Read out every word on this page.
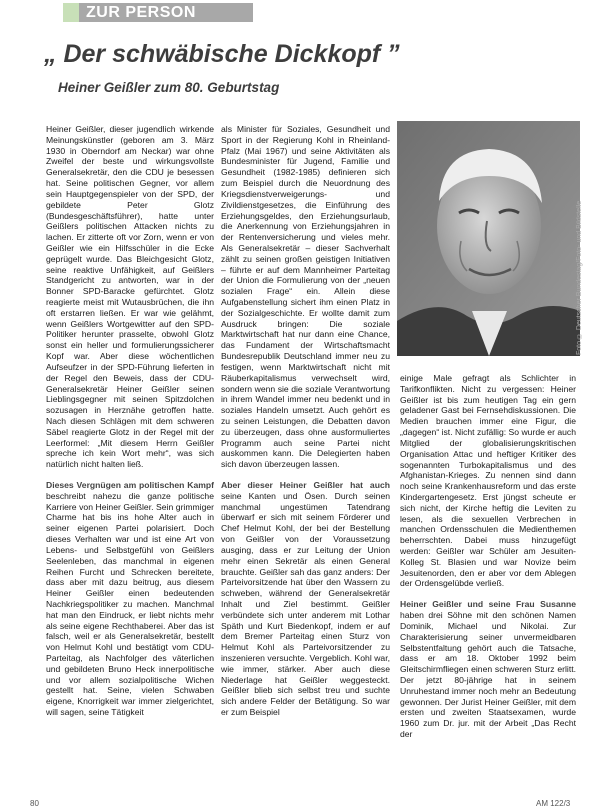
ZUR PERSON
„ Der schwäbische Dickkopf ”
Heiner Geißler zum 80. Geburtstag

Heiner Geißler, dieser jugendlich wirkende Meinungskünstler (geboren am 3. März 1930 in Oberndorf am Neckar) war ohne Zweifel der beste und wirkungsvollste Generalsekretär, den die CDU je besessen hat. Seine politischen Gegner, vor allem sein Hauptgegenspieler von der SPD, der gebildete Peter Glotz (Bundesgeschäftsführer), hatte unter Geißlers politischen Attacken nichts zu lachen. Er zitterte oft vor Zorn, wenn er von Geißler wie ein Hilfsschüler in die Ecke geprügelt wurde. Das Bleichgesicht Glotz, seine reaktive Unfähigkeit, auf Geißlers Standgericht zu antworten, war in der Bonner SPD-Baracke gefürchtet. Glotz reagierte meist mit Wutausbrüchen, die ihn oft erstarren ließen. Er war wie gelähmt, wenn Geißlers Wortgewitter auf den SPD-Politiker herunter prasselte, obwohl Glotz sonst ein heller und formulierungssicherer Kopf war. Aber diese wöchentlichen Aufseufzer in der SPD-Führung lieferten in der Regel den Beweis, dass der CDU-Generalsekretär Heiner Geißler seinen Lieblingsgegner mit seinen Spitzdolchen sozusagen in Herznähe getroffen hatte. Nach diesen Schlägen mit dem schweren Säbel reagierte Glotz in der Regel mit der Leerformel: „Mit diesem Herrn Geißler spreche ich kein Wort mehr“, was sich natürlich nicht halten ließ.

Dieses Vergnügen am politischen Kampf beschreibt nahezu die ganze politische Karriere von Heiner Geißler. Sein grimmiger Charme hat bis ins hohe Alter auch in seiner eigenen Partei polarisiert. Doch dieses Verhalten war und ist eine Art von Lebens- und Selbstgefühl von Geißlers Seelenleben, das manchmal in eigenen Reihen Furcht und Schrecken bereitete, dass aber mit dazu beitrug, aus diesem Heiner Geißler einen bedeutenden Nachkriegspolitiker zu machen. Manchmal hat man den Eindruck, er liebt nichts mehr als seine eigene Rechthaberei. Aber das ist falsch, weil er als Generalsekretär, bestellt von Helmut Kohl und bestätigt vom CDU-Parteitag, als Nachfolger des väterlichen und gebildeten Bruno Heck innerpolitische und vor allem sozialpolitische Wichen gestellt hat. Seine, vielen Schwaben eigene, Knorrigkeit war immer zielgerichtet, will sagen, seine Tätigkeit

als Minister für Soziales, Gesundheit und Sport in der Regierung Kohl in Rheinland-Pfalz (Mai 1967) und seine Aktivitäten als Bundesminister für Jugend, Familie und Gesundheit (1982-1985) definieren sich zum Beispiel durch die Neuordnung des Kriegsdienstverweigerungs- und Zivildienstgesetzes, die Einführung des Erziehungsgeldes, den Erziehungsurlaub, die Anerkennung von Erziehungsjahren in der Rentenversicherung und vieles mehr. Als Generalsekretär – dieser Sachverhalt zählt zu seinen großen geistigen Initiativen – führte er auf dem Mannheimer Parteitag der Union die Formulierung von der „neuen sozialen Frage“ ein. Allein diese Aufgabenstellung sichert ihm einen Platz in der Sozialgeschichte. Er wollte damit zum Ausdruck bringen: Die soziale Marktwirtschaft hat nur dann eine Chance, das Fundament der Wirtschaftsmacht Bundesrepublik Deutschland immer neu zu festigen, wenn Marktwirtschaft nicht mit Räuberkapitalismus verwechselt wird, sondern wenn sie die soziale Verantwortung in ihrem Wandel immer neu bedenkt und in soziales Handeln umsetzt. Auch gehört es zu seinen Leistungen, die Debatten davon zu überzeugen, dass ohne ausformuliertes Programm auch seine Partei nicht auskommen kann. Die Delegierten haben sich davon überzeugen lassen.

Aber dieser Heiner Geißler hat auch seine Kanten und Ösen. Durch seinen manchmal ungestümen Tatendrang überwarf er sich mit seinem Förderer und Chef Helmut Kohl, der bei der Bestellung von Geißler von der Voraussetzung ausging, dass er zur Leitung der Union mehr einen Sekretär als einen General brauchte. Geißler sah das ganz anders: Der Parteivorsitzende hat über den Wassern zu schweben, während der Generalsekretär Inhalt und Ziel bestimmt. Geißler verbündete sich unter anderem mit Lothar Späth und Kurt Biedenkopf, indem er auf dem Bremer Parteitag einen Sturz von Helmut Kohl als Parteivorsitzender zu inszenieren versuchte. Vergeblich. Kohl war, wie immer, stärker. Aber auch diese Niederlage hat Geißler weggesteckt. Geißler blieb sich selbst treu und suchte sich andere Felder der Betätigung. So war er zum Beispiel

Foto © Deutscher Bundestag/Foto- und Bildstelle

einige Male gefragt als Schlichter in Tarifkonflikten. Nicht zu vergessen: Heiner Geißler ist bis zum heutigen Tag ein gern geladener Gast bei Fernsehdiskussionen. Die Medien brauchen immer eine Figur, die „dagegen“ ist. Nicht zufällig: So wurde er auch Mitglied der globalisierungskritischen Organisation Attac und heftiger Kritiker des sogenannten Turbokapitalismus und des Afghanistan-Krieges. Zu nennen sind dann noch seine Krankenhausreform und das erste Kindergartengesetz. Erst jüngst scheute er sich nicht, der Kirche heftig die Leviten zu lesen, als die sexuellen Verbrechen in manchen Ordensschulen die Medienthemen beherrschten. Dabei muss hinzugefügt werden: Geißler war Schüler am Jesuiten-Kolleg St. Blasien und war Novize beim Jesuitenorden, den er aber vor dem Ablegen der Ordensgelübde verließ.

Heiner Geißler und seine Frau Susanne haben drei Söhne mit den schönen Namen Dominik, Michael und Nikolai. Zur Charakterisierung seiner unvermeidbaren Selbstentfaltung gehört auch die Tatsache, dass er am 18. Oktober 1992 beim Gleitschirmfliegen einen schweren Sturz erlitt. Der jetzt 80-jährige hat in seinem Unruhestand immer noch mehr an Bedeutung gewonnen. Der Jurist Heiner Geißler, mit dem ersten und zweiten Staatsexamen, wurde 1960 zum Dr. jur. mit der Arbeit „Das Recht der

80	AM 122/3
